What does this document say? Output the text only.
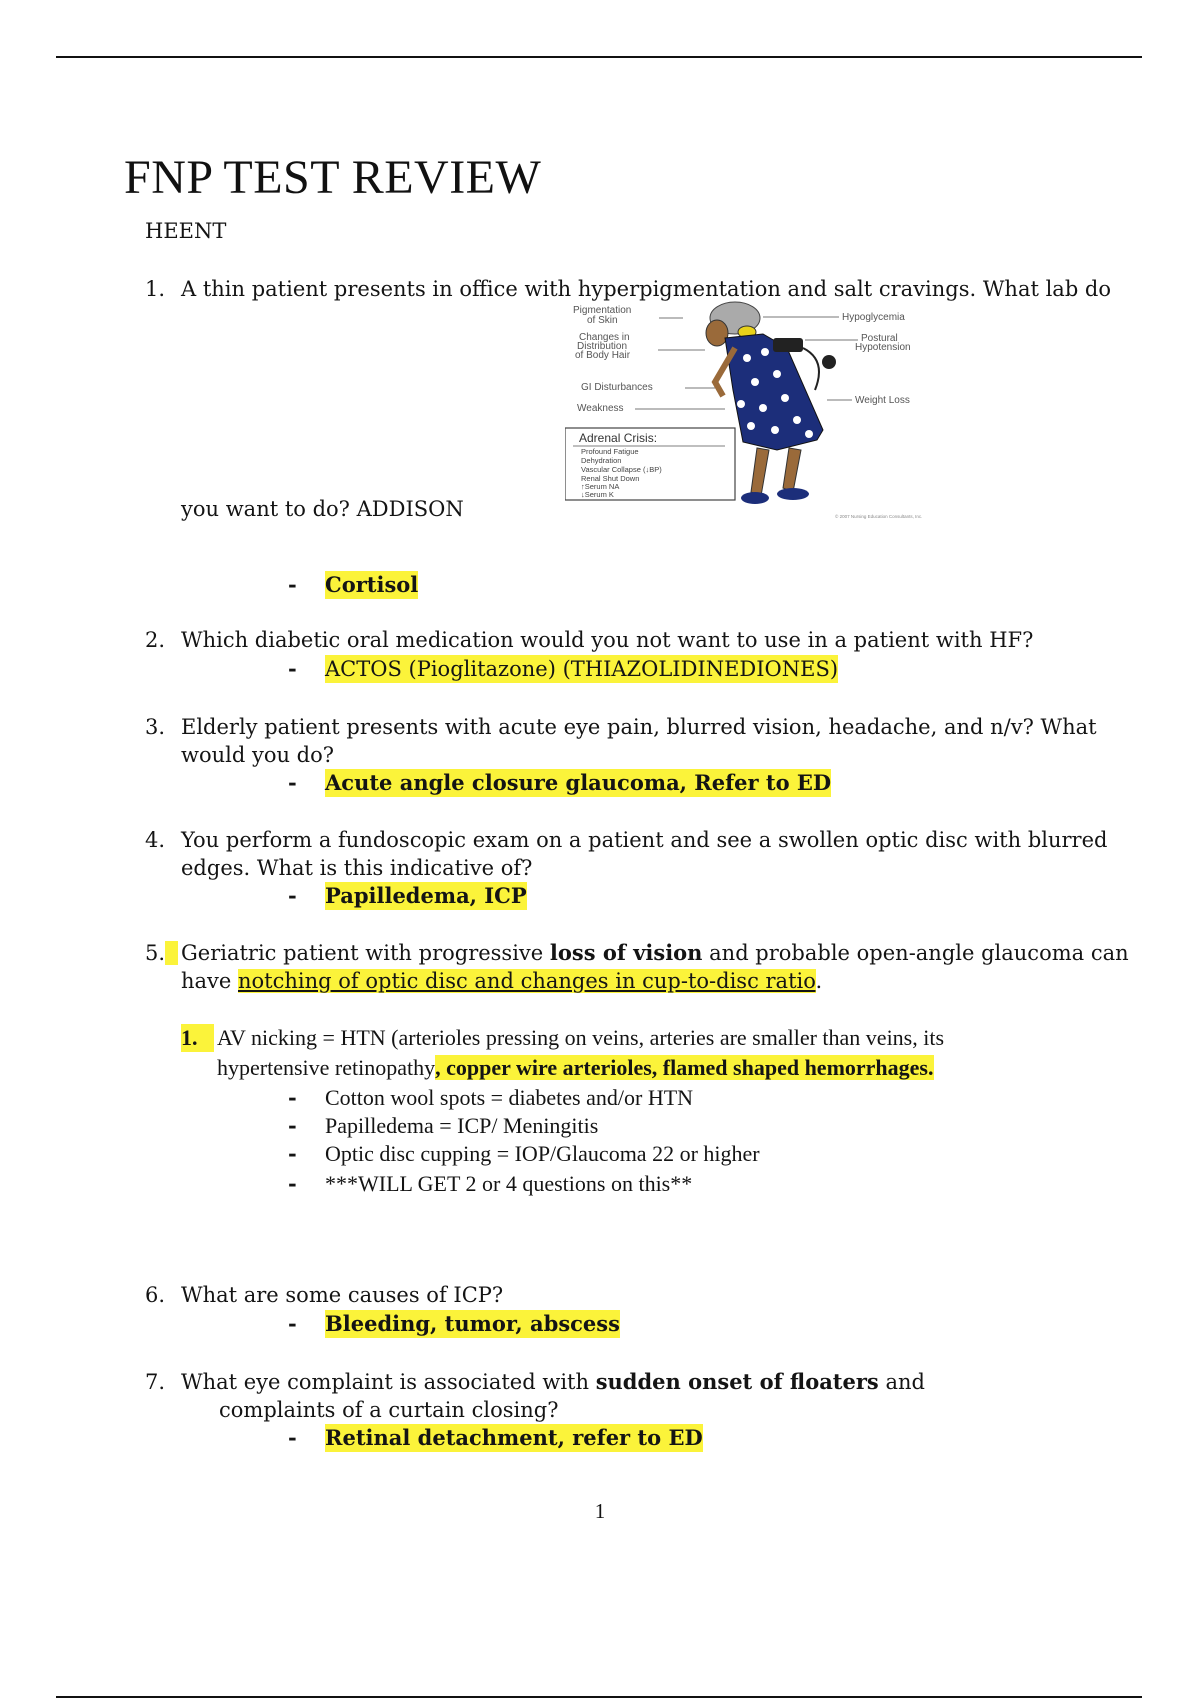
FNP TEST REVIEW
HEENT
1. A thin patient presents in office with hyperpigmentation and salt cravings. What lab do
you want to do? ADDISON
- Cortisol
Pigmentation
of Skin
Changes in
Distribution
of Body Hair
GI Disturbances
Weakness
Hypoglycemia
Postural
Hypotension
Weight Loss
Adrenal Crisis:
Profound Fatigue
Dehydration
Vascular Collapse (↓BP)
Renal Shut Down
↑Serum NA
↓Serum K
© 2007 Nursing Education Consultants, Inc.
2. Which diabetic oral medication would you not want to use in a patient with HF?
- ACTOS (Pioglitazone) (THIAZOLIDINEDIONES)
3. Elderly patient presents with acute eye pain, blurred vision, headache, and n/v? What
would you do?
- Acute angle closure glaucoma, Refer to ED
4. You perform a fundoscopic exam on a patient and see a swollen optic disc with blurred
edges. What is this indicative of?
- Papilledema, ICP
5. Geriatric patient with progressive loss of vision and probable open-angle glaucoma can
have notching of optic disc and changes in cup-to-disc ratio.
1. AV nicking = HTN (arterioles pressing on veins, arteries are smaller than veins, its
hypertensive retinopathy, copper wire arterioles, flamed shaped hemorrhages.
- Cotton wool spots = diabetes and/or HTN
- Papilledema = ICP/ Meningitis
- Optic disc cupping = IOP/Glaucoma 22 or higher
- ***WILL GET 2 or 4 questions on this**
6. What are some causes of ICP?
- Bleeding, tumor, abscess
7. What eye complaint is associated with sudden onset of floaters and
complaints of a curtain closing?
- Retinal detachment, refer to ED
1
